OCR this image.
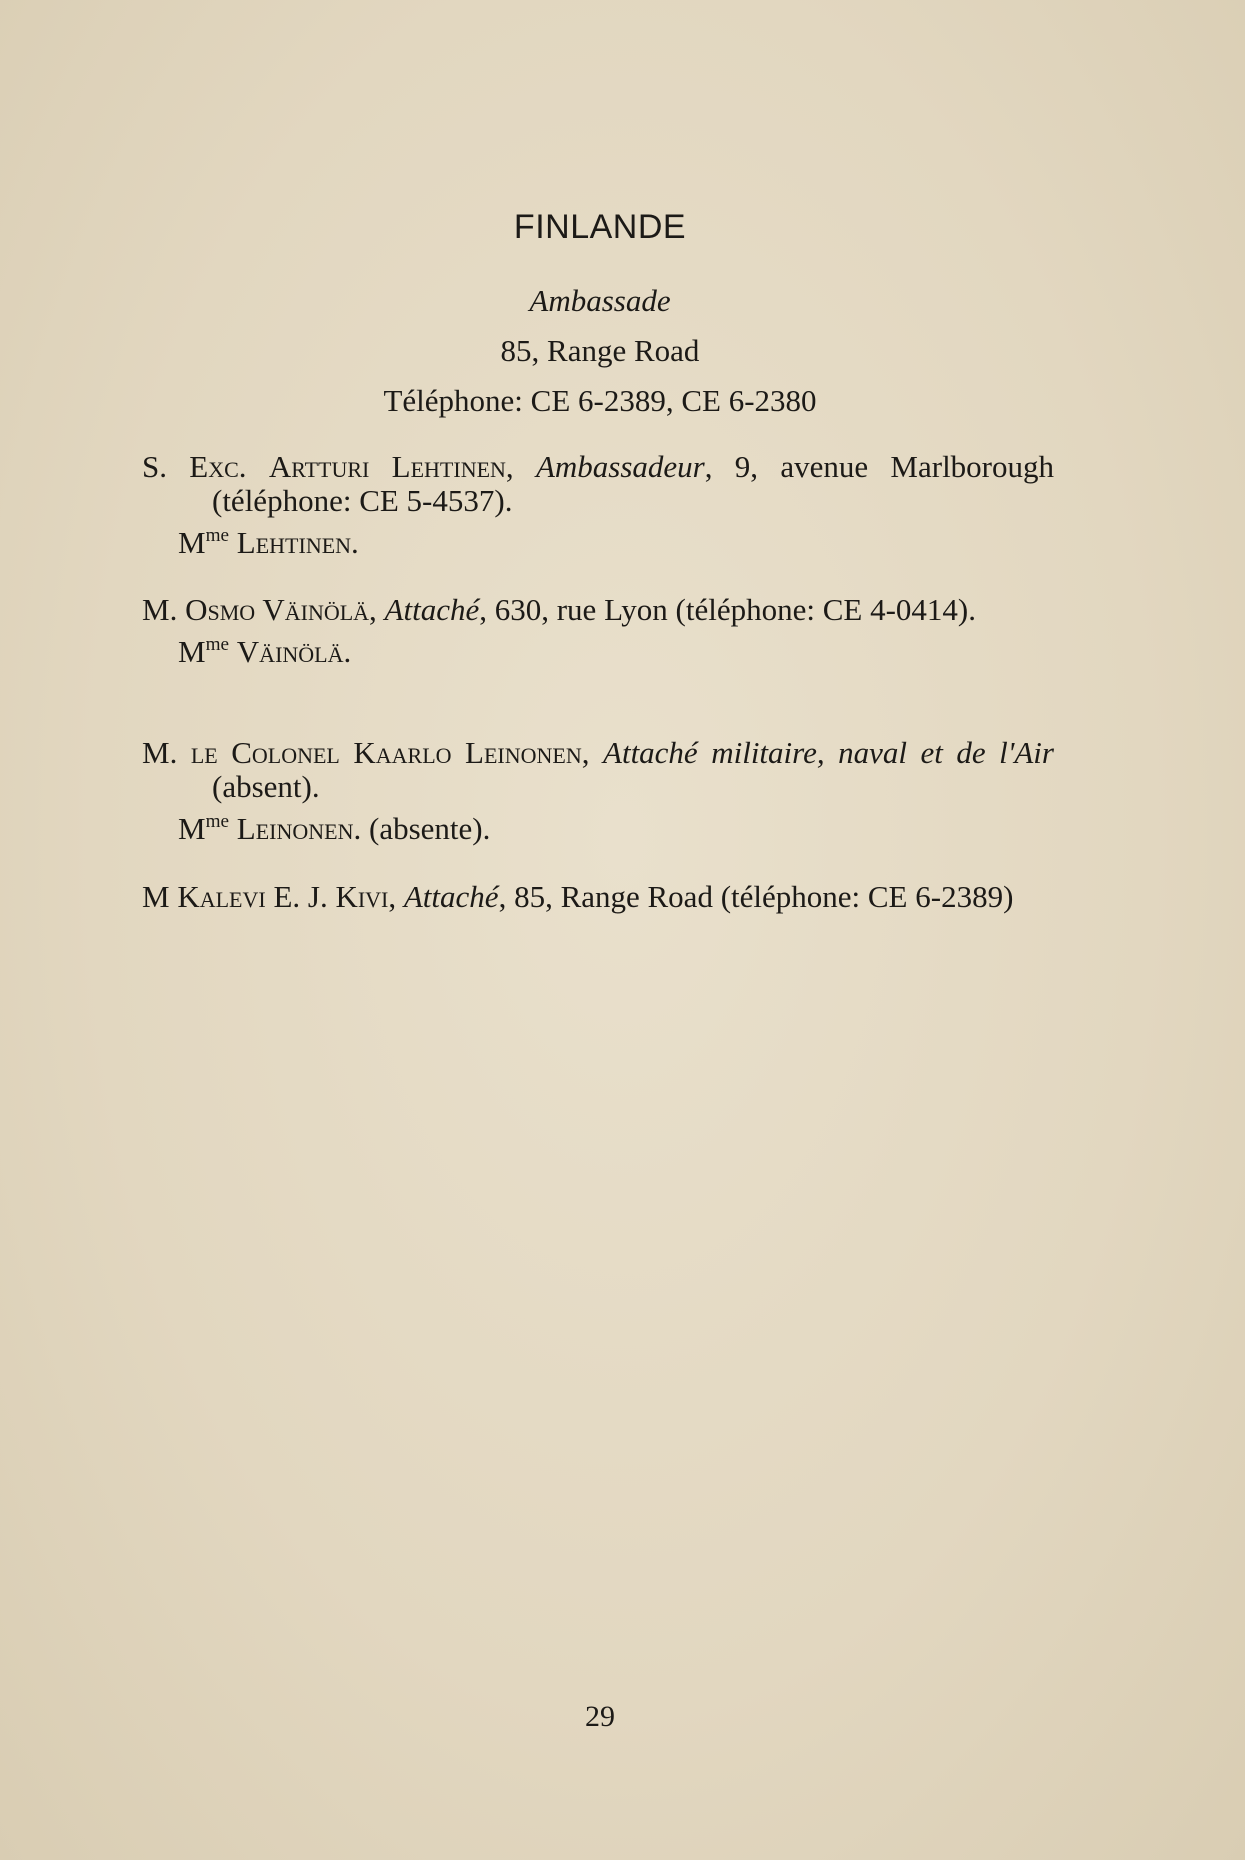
FINLANDE
Ambassade
85, Range Road
Téléphone: CE 6-2389, CE 6-2380
S. Exc. Artturi Lehtinen, Ambassadeur, 9, avenue Marlborough (téléphone: CE 5-4537).
$M^{me}$ Lehtinen.
M. Osmo Väinölä, Attaché, 630, rue Lyon (téléphone: CE 4-0414).
$M^{me}$ Väinölä.
M. le Colonel Kaarlo Leinonen, Attaché militaire, naval et de l'Air (absent).
$M^{me}$ Leinonen. (absente).
M Kalevi E. J. Kivi, Attaché, 85, Range Road (téléphone: CE 6-2389)
29
